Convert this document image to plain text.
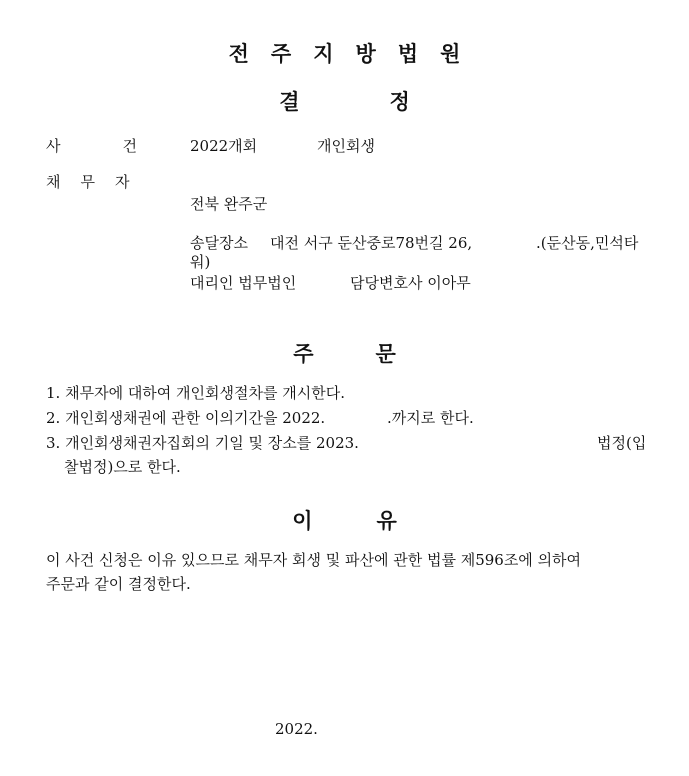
전 주 지 방 법 원
결	정
사	건	2022개회	개인회생
채 무 자
전북 완주군
송달장소 대전 서구 둔산중로78번길 26,	.(둔산동,민석타
워)
대리인 법무법인	담당변호사 이아무
주	문
1. 채무자에 대하여 개인회생절차를 개시한다.
2. 개인회생채권에 관한 이의기간을 2022.	.까지로 한다.
3. 개인회생채권자집회의 기일 및 장소를 2023.	법정(입
찰법정)으로 한다.
이	유
이 사건 신청은 이유 있으므로 채무자 회생 및 파산에 관한 법률 제596조에 의하여
주문과 같이 결정한다.
2022.
